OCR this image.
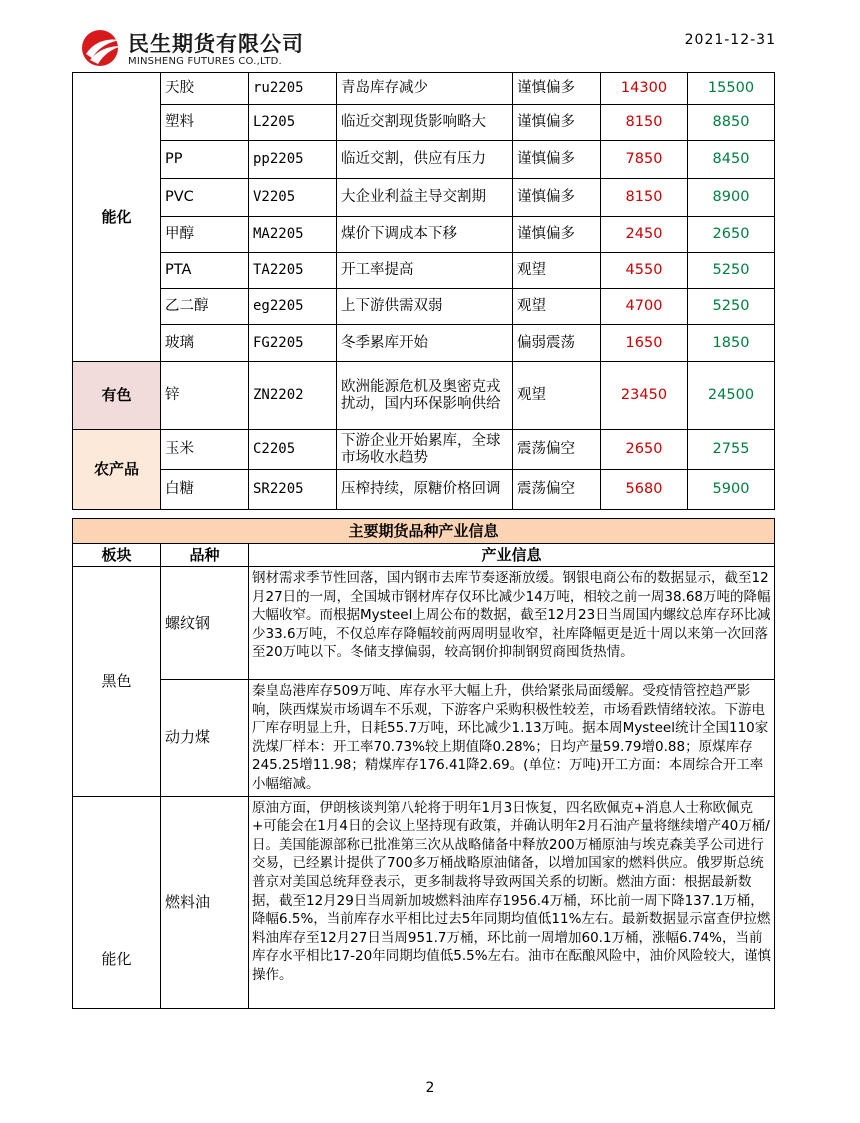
民生期货有限公司
MINSHENG FUTURES CO.,LTD.
2021-12-31
能化	天胶	ru2205	青岛库存减少	谨慎偏多	14300	15500
	塑料	L2205	临近交割现货影响略大	谨慎偏多	8150	8850
	PP	pp2205	临近交割，供应有压力	谨慎偏多	7850	8450
	PVC	V2205	大企业利益主导交割期	谨慎偏多	8150	8900
	甲醇	MA2205	煤价下调成本下移	谨慎偏多	2450	2650
	PTA	TA2205	开工率提高	观望	4550	5250
	乙二醇	eg2205	上下游供需双弱	观望	4700	5250
	玻璃	FG2205	冬季累库开始	偏弱震荡	1650	1850
有色	锌	ZN2202	欧洲能源危机及奥密克戎扰动，国内环保影响供给	观望	23450	24500
农产品	玉米	C2205	下游企业开始累库，全球市场收水趋势	震荡偏空	2650	2755
	白糖	SR2205	压榨持续，原糖价格回调	震荡偏空	5680	5900
主要期货品种产业信息		
板块	品种	产业信息
黑色	螺纹钢	钢材需求季节性回落，国内钢市去库节奏逐渐放缓。钢银电商公布的数据显示，截至12月27日的一周，全国城市钢材库存仅环比减少14万吨，相较之前一周38.68万吨的降幅大幅收窄。而根据Mysteel上周公布的数据，截至12月23日当周国内螺纹总库存环比减少33.6万吨，不仅总库存降幅较前两周明显收窄，社库降幅更是近十周以来第一次回落至20万吨以下。冬储支撑偏弱，较高钢价抑制钢贸商囤货热情。
	动力煤	秦皇岛港库存509万吨、库存水平大幅上升，供给紧张局面缓解。受疫情管控趋严影响，陕西煤炭市场调车不乐观，下游客户采购积极性较差，市场看跌情绪较浓。下游电厂库存明显上升，日耗55.7万吨，环比减少1.13万吨。据本周Mysteel统计全国110家洗煤厂样本：开工率70.73%较上期值降0.28%；日均产量59.79增0.88；原煤库存245.25增11.98；精煤库存176.41降2.69。(单位：万吨)开工方面：本周综合开工率小幅缩减。
能化	燃料油	原油方面，伊朗核谈判第八轮将于明年1月3日恢复，四名欧佩克+消息人士称欧佩克+可能会在1月4日的会议上坚持现有政策，并确认明年2月石油产量将继续增产40万桶/日。美国能源部称已批准第三次从战略储备中释放200万桶原油与埃克森美孚公司进行交易，已经累计提供了700多万桶战略原油储备，以增加国家的燃料供应。俄罗斯总统普京对美国总统拜登表示，更多制裁将导致两国关系的切断。燃油方面：根据最新数据，截至12月29日当周新加坡燃料油库存1956.4万桶，环比前一周下降137.1万桶，降幅6.5%，当前库存水平相比过去5年同期均值低11%左右。最新数据显示富查伊拉燃料油库存至12月27日当周951.7万桶，环比前一周增加60.1万桶，涨幅6.74%，当前库存水平相比17-20年同期均值低5.5%左右。油市在酝酿风险中，油价风险较大，谨慎操作。
2
